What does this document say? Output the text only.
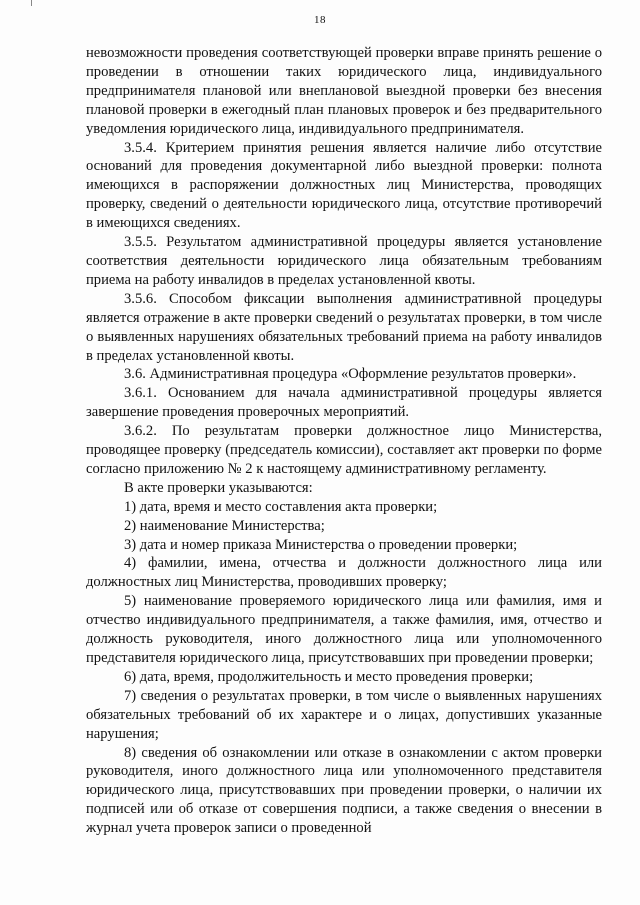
18

невозможности проведения соответствующей проверки вправе принять решение о проведении в отношении таких юридического лица, индивидуального предпринимателя плановой или внеплановой выездной проверки без внесения плановой проверки в ежегодный план плановых проверок и без предварительного уведомления юридического лица, индивидуального предпринимателя.

3.5.4. Критерием принятия решения является наличие либо отсутствие оснований для проведения документарной либо выездной проверки: полнота имеющихся в распоряжении должностных лиц Министерства, проводящих проверку, сведений о деятельности юридического лица, отсутствие противоречий в имеющихся сведениях.

3.5.5. Результатом административной процедуры является установление соответствия деятельности юридического лица обязательным требованиям приема на работу инвалидов в пределах установленной квоты.

3.5.6. Способом фиксации выполнения административной процедуры является отражение в акте проверки сведений о результатах проверки, в том числе о выявленных нарушениях обязательных требований приема на работу инвалидов в пределах установленной квоты.

3.6. Административная процедура «Оформление результатов проверки».

3.6.1. Основанием для начала административной процедуры является завершение проведения проверочных мероприятий.

3.6.2. По результатам проверки должностное лицо Министерства, проводящее проверку (председатель комиссии), составляет акт проверки по форме согласно приложению № 2 к настоящему административному регламенту.

В акте проверки указываются:

1) дата, время и место составления акта проверки;

2) наименование Министерства;

3) дата и номер приказа Министерства о проведении проверки;

4) фамилии, имена, отчества и должности должностного лица или должностных лиц Министерства, проводивших проверку;

5) наименование проверяемого юридического лица или фамилия, имя и отчество индивидуального предпринимателя, а также фамилия, имя, отчество и должность руководителя, иного должностного лица или уполномоченного представителя юридического лица, присутствовавших при проведении проверки;

6) дата, время, продолжительность и место проведения проверки;

7) сведения о результатах проверки, в том числе о выявленных нарушениях обязательных требований об их характере и о лицах, допустивших указанные нарушения;

8) сведения об ознакомлении или отказе в ознакомлении с актом проверки руководителя, иного должностного лица или уполномоченного представителя юридического лица, присутствовавших при проведении проверки, о наличии их подписей или об отказе от совершения подписи, а также сведения о внесении в журнал учета проверок записи о проведенной
